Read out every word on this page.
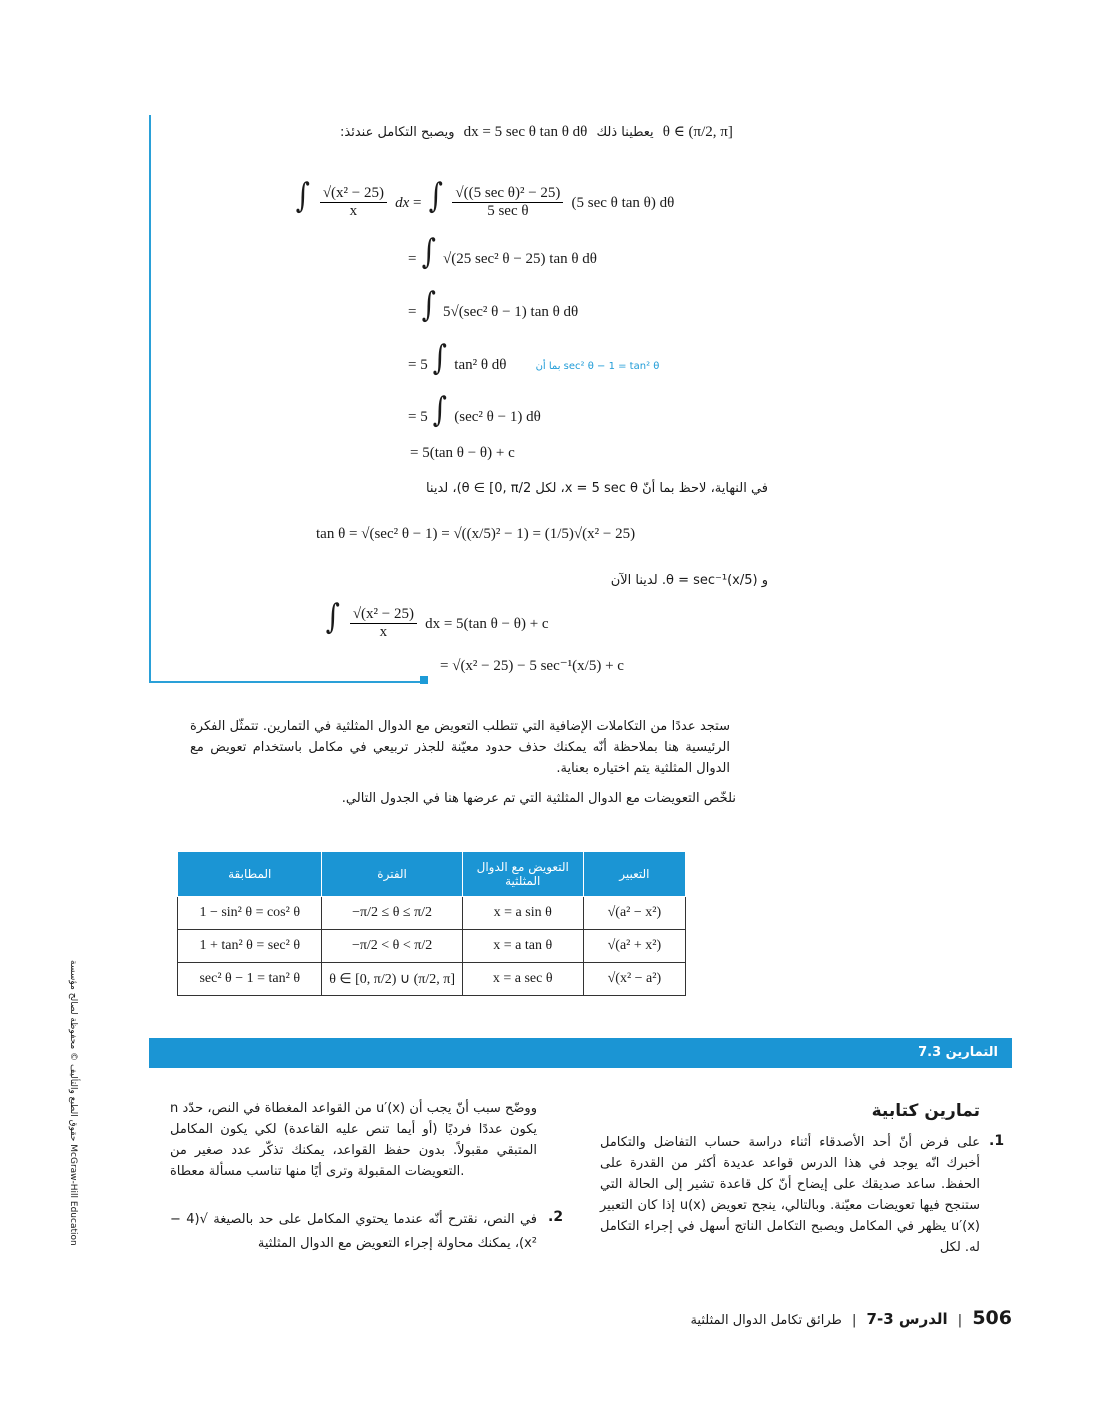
ويصبح التكامل عندئذ: dx = 5 sec θ tan θ dθ يعطينا ذلك θ ∈ (π/2, π]
∫ $\frac{\text{√(x² − 25)}}{x}$ dx = ∫ $\frac{\text{√((5 sec θ)² − 25)}}{\text{5 sec θ}} (5$ sec θ tan θ) dθ
= ∫ √(25 sec² θ − 25) tan θ dθ
= ∫ 5√(sec² θ − 1) tan θ dθ
= 5 ∫ tan² θ dθ	بما أن sec² θ − 1 = tan² θ
= 5 ∫ (sec² θ − 1) dθ
= 5(tan θ − θ) + c
في النهاية، لاحظ بما أنّ x = 5 sec θ، لكل θ ∈ [0, π/2)، لدينا
tan θ = √(sec² θ − 1) = √((x/5)² − 1) = (1/5)√(x² − 25)
و θ = sec⁻¹(x/5). لدينا الآن
∫ $\frac{\text{√(x² − 25)}}{x}$ dx = 5(tan θ − θ) + c
= √(x² − 25) − 5 sec⁻¹(x/5) + c
ستجد عددًا من التكاملات الإضافية التي تتطلب التعويض مع الدوال المثلثية في التمارين. تتمثّل الفكرة الرئيسية هنا بملاحظة أنّه يمكنك حذف حدود معيّنة للجذر تربيعي في مكامل باستخدام تعويض مع الدوال المثلثية يتم اختياره بعناية.
نلخّص التعويضات مع الدوال المثلثية التي تم عرضها هنا في الجدول التالي.
المطابقة	الفترة	التعويض مع الدوال المثلثية	التعبير
1 − sin² θ = cos² θ	−π/2 ≤ θ ≤ π/2	x = a sin θ	√(a² − x²)
1 + tan² θ = sec² θ	−π/2 < θ < π/2	x = a tan θ	√(a² + x²)
sec² θ − 1 = tan² θ	θ ∈ [0, π/2) ∪ (π/2, π]	x = a sec θ	√(x² − a²)
حقوق الطبع والتأليف © محفوظة لصالح مؤسسة McGraw-Hill Education
التمارين 7.3
تمارين كتابية
.1
على فرض أنّ أحد الأصدقاء أثناء دراسة حساب التفاضل والتكامل أخبرك انّه يوجد في هذا الدرس قواعد عديدة أكثر من القدرة على الحفظ. ساعد صديقك على إيضاح أنّ كل قاعدة تشير إلى الحالة التي ستنجح فيها تعويضات معيّنة. وبالتالي، ينجح تعويض u(x) إذا كان التعبير u′(x) يظهر في المكامل ويصبح التكامل الناتج أسهل في إجراء التكامل له. لكل
n من القواعد المغطاة في النص، حدّد u′(x) ووضّح سبب أنّ يجب أن يكون عددًا فرديًا (أو أيما تنص عليه القاعدة) لكي يكون المكامل المتبقي مقبولاً. بدون حفظ القواعد، يمكنك تذكّر عدد صغير من التعويضات المقبولة وترى أيًا منها تناسب مسألة معطاة.
.2
في النص، نقترح أنّه عندما يحتوي المكامل على حد بالصيغة √(4 − x²)، يمكنك محاولة إجراء التعويض مع الدوال المثلثية
506 | الدرس 3-7 | طرائق تكامل الدوال المثلثية
